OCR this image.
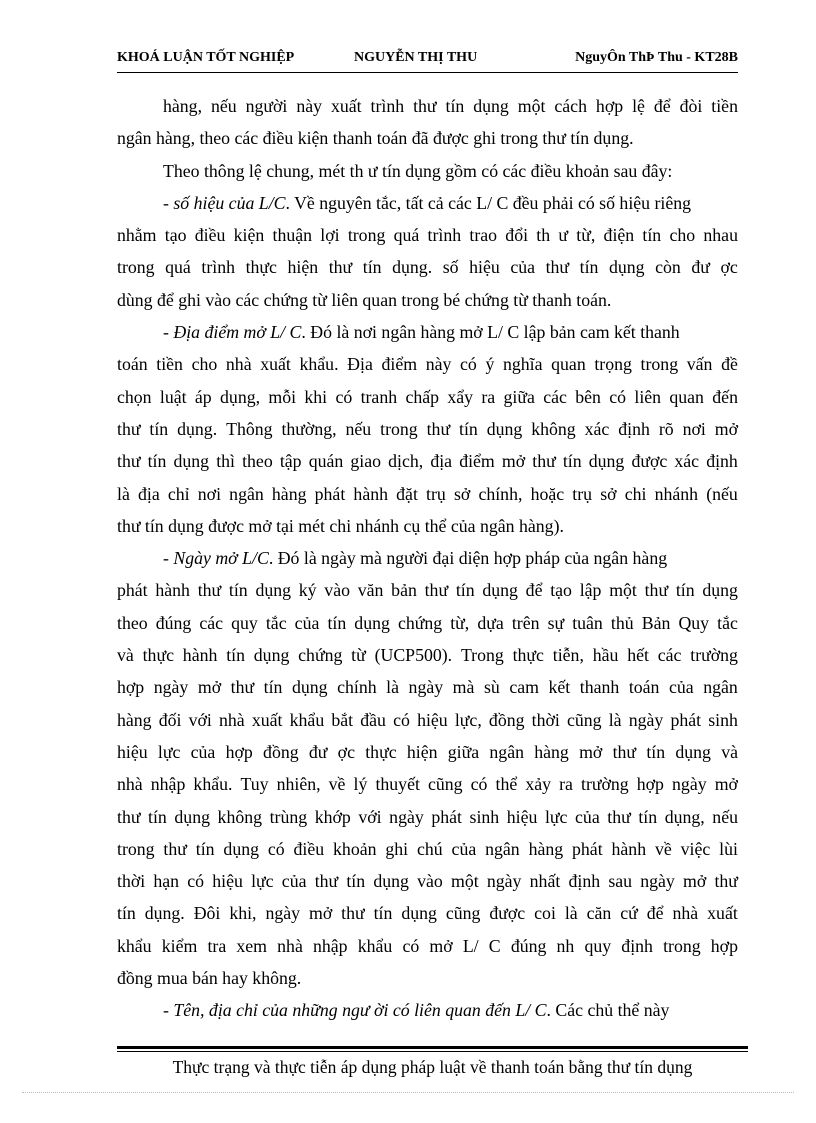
KHOÁ LUẬN TỐT NGHIỆP	NGUYỄN THỊ THU	NguyÔn ThÞ Thu - KT28B
hàng, nếu người này xuất trình thư tín dụng một cách hợp lệ để đòi tiền
ngân hàng, theo các điều kiện thanh toán đã được ghi trong thư tín dụng.
Theo thông lệ chung, mét th ư tín dụng gồm có các điều khoản sau đây:
- số hiệu của L/C. Về nguyên tắc, tất cả các L/ C đều phải có số hiệu riêng
nhằm tạo điều kiện thuận lợi trong quá trình trao đổi th ư từ, điện tín cho nhau
trong quá trình thực hiện thư tín dụng. số hiệu của thư tín dụng còn đư ợc
dùng để ghi vào các chứng từ liên quan trong bé chứng từ thanh toán.
- Địa điểm mở L/ C. Đó là nơi ngân hàng mở L/ C lập bản cam kết thanh
toán tiền cho nhà xuất khẩu. Địa điểm này có ý nghĩa quan trọng trong vấn đề
chọn luật áp dụng, mỗi khi có tranh chấp xẩy ra giữa các bên có liên quan đến
thư tín dụng. Thông thường, nếu trong thư tín dụng không xác định rõ nơi mở
thư tín dụng thì theo tập quán giao dịch, địa điểm mở thư tín dụng được xác định
là địa chỉ nơi ngân hàng phát hành đặt trụ sở chính, hoặc trụ sở chi nhánh (nếu
thư tín dụng được mở tại mét chi nhánh cụ thể của ngân hàng).
- Ngày mở L/C. Đó là ngày mà người đại diện hợp pháp của ngân hàng
phát hành thư tín dụng ký vào văn bản thư tín dụng để tạo lập một thư tín dụng
theo đúng các quy tắc của tín dụng chứng từ, dựa trên sự tuân thủ Bản Quy tắc
và thực hành tín dụng chứng từ (UCP500). Trong thực tiễn, hầu hết các trường
hợp ngày mở thư tín dụng chính là ngày mà sù cam kết thanh toán của ngân
hàng đối với nhà xuất khẩu bắt đầu có hiệu lực, đồng thời cũng là ngày phát sinh
hiệu lực của hợp đồng đư ợc thực hiện giữa ngân hàng mở thư tín dụng và
nhà nhập khẩu. Tuy nhiên, về lý thuyết cũng có thể xảy ra trường hợp ngày mở
thư tín dụng không trùng khớp với ngày phát sinh hiệu lực của thư tín dụng, nếu
trong thư tín dụng có điều khoản ghi chú của ngân hàng phát hành về việc lùi
thời hạn có hiệu lực của thư tín dụng vào một ngày nhất định sau ngày mở thư
tín dụng. Đôi khi, ngày mở thư tín dụng cũng được coi là căn cứ để nhà xuất
khẩu kiểm tra xem nhà nhập khẩu có mở L/ C đúng nh quy định trong hợp
đồng mua bán hay không.
- Tên, địa chỉ của những ngư ời có liên quan đến L/ C. Các chủ thể này
Thực trạng và thực tiễn áp dụng pháp luật về thanh toán bằng thư tín dụng
